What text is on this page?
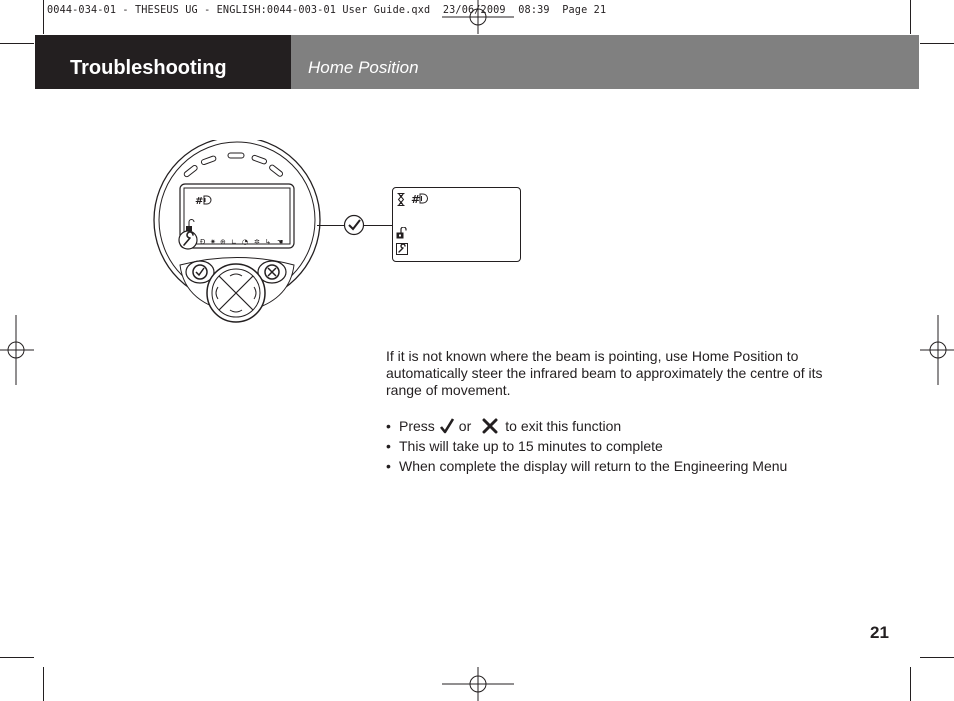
0044-034-01 - THESEUS UG - ENGLISH:0044-003-01 User Guide.qxd  23/06/2009  08:39  Page 21
Troubleshooting	Home Position
#
Ð ✷ ⊕ ∟ ◔ ✲ ↳ ☚
#
If it is not known where the beam is pointing, use Home Position to automatically steer the infrared beam to approximately the centre of its range of movement.
• Press or to exit this function
• This will take up to 15 minutes to complete
• When complete the display will return to the Engineering Menu
21
